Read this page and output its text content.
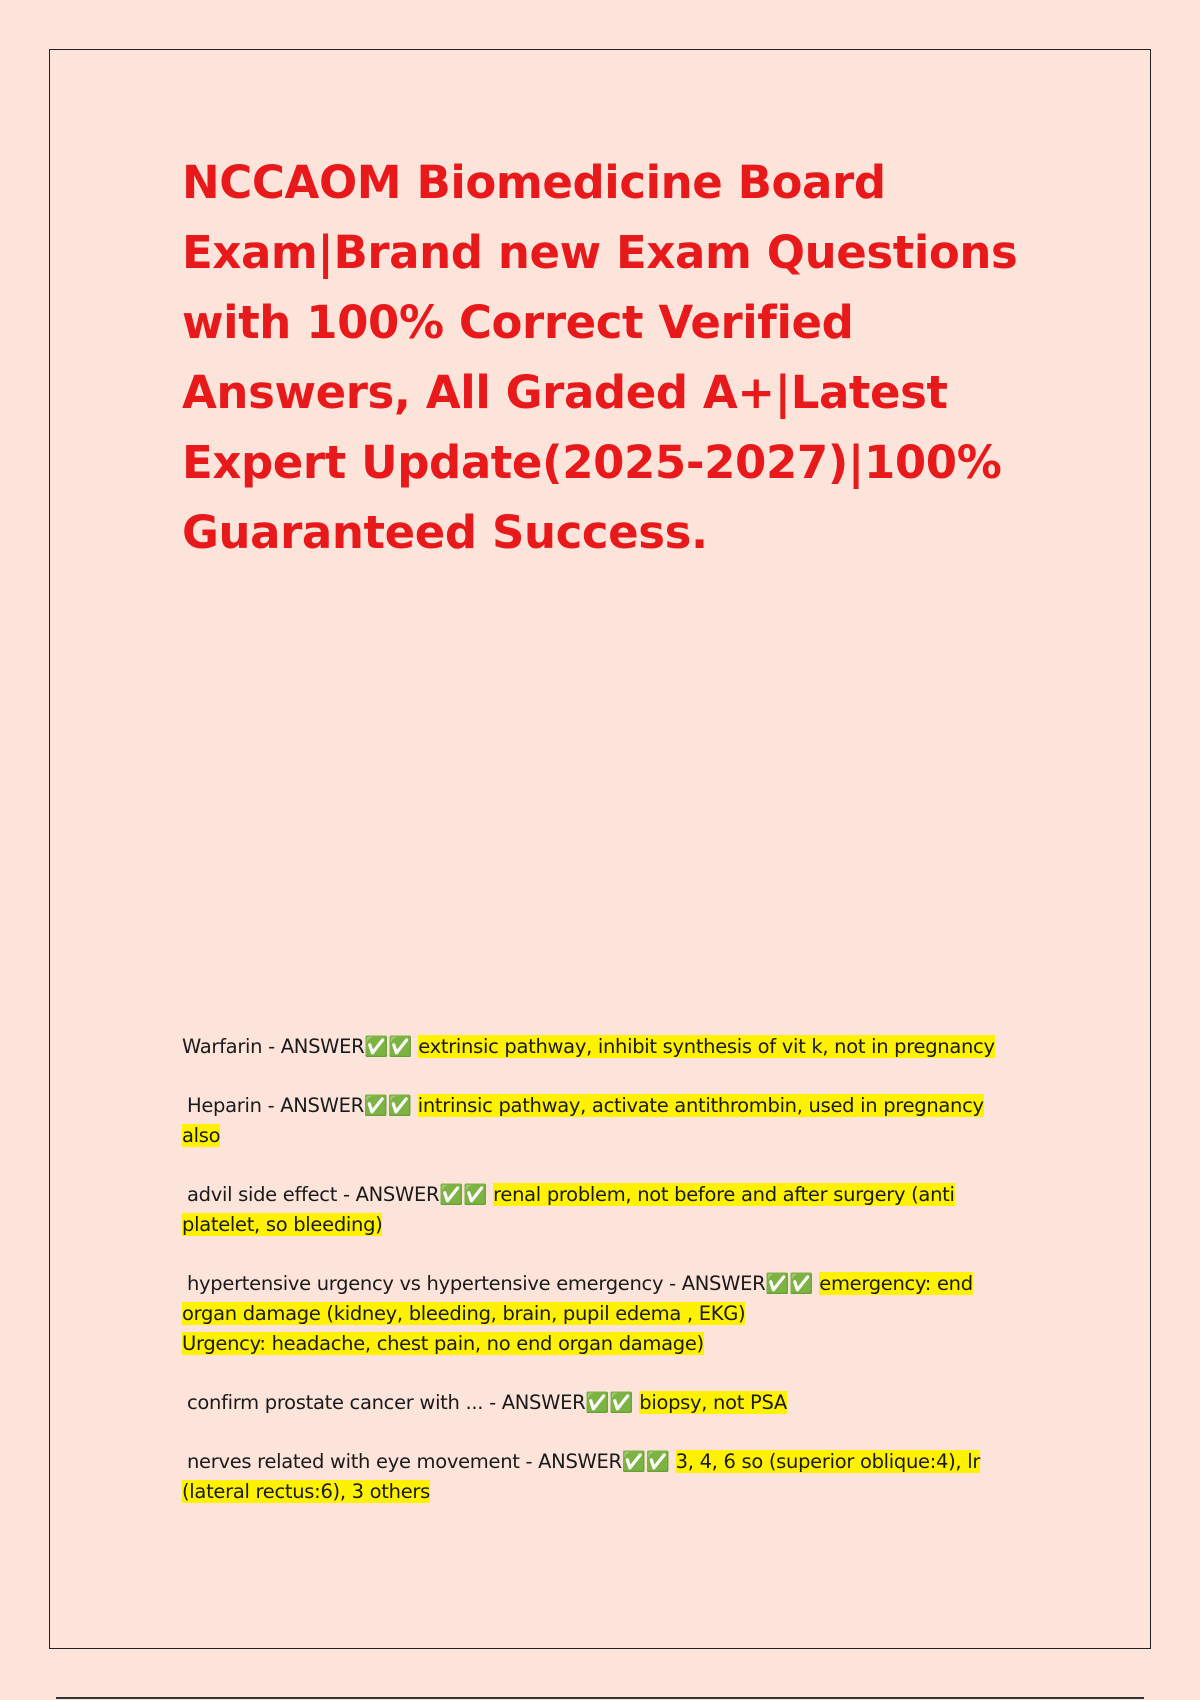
NCCAOM Biomedicine Board Exam|Brand new Exam Questions with 100% Correct Verified Answers, All Graded A+|Latest Expert Update(2025-2027)|100% Guaranteed Success.
Warfarin - ANSWER✅✅ extrinsic pathway, inhibit synthesis of vit k, not in pregnancy
Heparin - ANSWER✅✅ intrinsic pathway, activate antithrombin, used in pregnancy also
advil side effect - ANSWER✅✅ renal problem, not before and after surgery (anti platelet, so bleeding)
hypertensive urgency vs hypertensive emergency - ANSWER✅✅ emergency: end organ damage (kidney, bleeding, brain, pupil edema , EKG)
Urgency: headache, chest pain, no end organ damage)
confirm prostate cancer with ... - ANSWER✅✅ biopsy, not PSA
nerves related with eye movement - ANSWER✅✅ 3, 4, 6 so (superior oblique:4), lr (lateral rectus:6), 3 others
